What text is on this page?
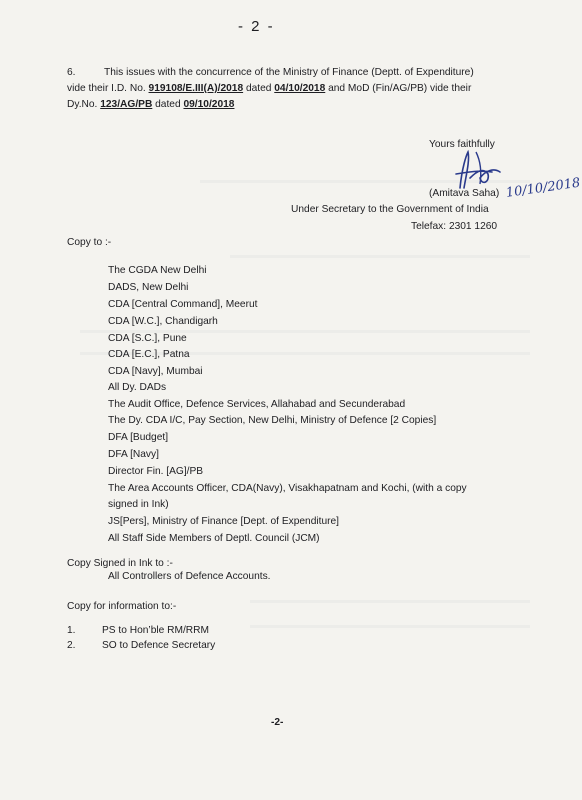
- 2 -
6.	This issues with the concurrence of the Ministry of Finance (Deptt. of Expenditure)
vide their I.D. No. 919108/E.III(A)/2018 dated 04/10/2018 and MoD (Fin/AG/PB) vide their
Dy.No. 123/AG/PB dated 09/10/2018
Yours faithfully
(Amitava Saha) 10/10/2018
Under Secretary to the Government of India
Telefax: 2301 1260
Copy to :-
The CGDA New Delhi
DADS, New Delhi
CDA [Central Command], Meerut
CDA [W.C.], Chandigarh
CDA [S.C.], Pune
CDA [E.C.], Patna
CDA [Navy], Mumbai
All Dy. DADs
The Audit Office, Defence Services, Allahabad and Secunderabad
The Dy. CDA I/C, Pay Section, New Delhi, Ministry of Defence [2 Copies]
DFA [Budget]
DFA [Navy]
Director Fin. [AG]/PB
The Area Accounts Officer, CDA(Navy), Visakhapatnam and Kochi, (with a copy
signed in Ink)
JS[Pers], Ministry of Finance [Dept. of Expenditure]
All Staff Side Members of Deptl. Council (JCM)
Copy Signed in Ink to :-
All Controllers of Defence Accounts.
Copy for information to:-
1.	PS to Hon’ble RM/RRM
2.	SO to Defence Secretary
-2-
